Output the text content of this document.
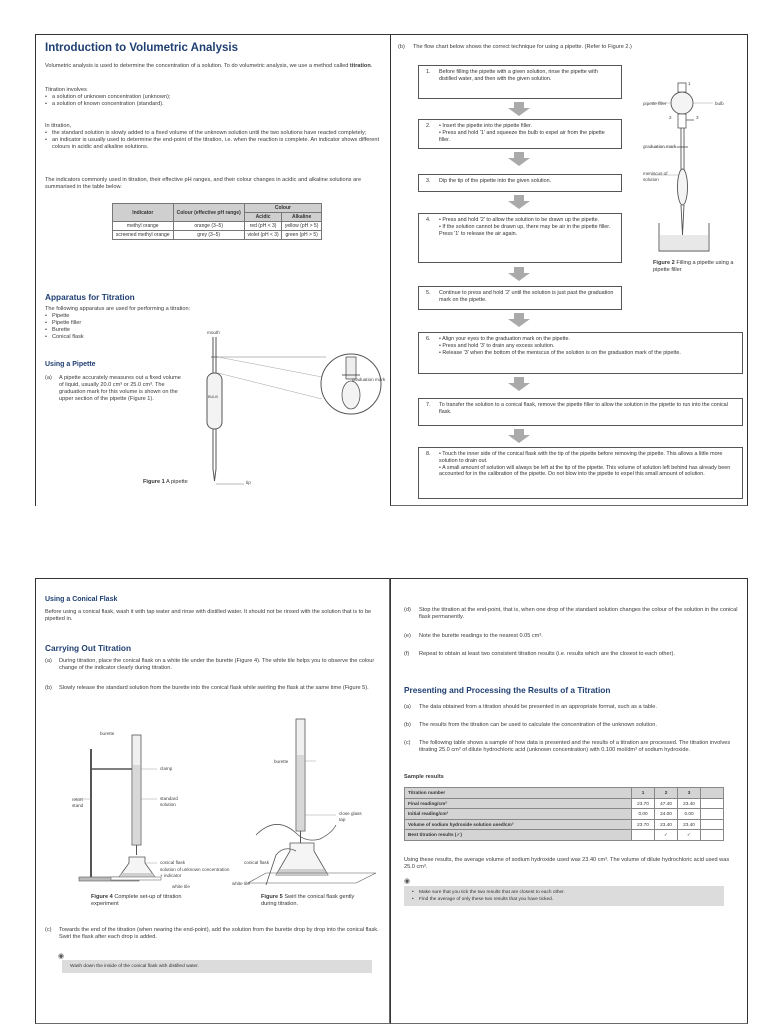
Introduction to Volumetric Analysis
Volumetric analysis is used to determine the concentration of a solution. To do volumetric analysis, we use a method called titration.
Titration involves
• a solution of unknown concentration (unknown);
• a solution of known concentration (standard).
In titration,
• the standard solution is slowly added to a fixed volume of the unknown solution until the two solutions have reacted completely;
• an indicator is usually used to determine the end-point of the titration, i.e. when the reaction is complete. An indicator shows different colours in acidic and alkaline solutions.
The indicators commonly used in titration, their effective pH ranges, and their colour changes in acidic and alkaline solutions are summarised in the table below.
Indicator	Colour (effective pH range)	Colour	
		Acidic	Alkaline
methyl orange	orange (3–5)	red (pH < 3)	yellow (pH > 5)
screened methyl orange	grey (3–5)	violet (pH < 3)	green (pH > 5)
Apparatus for Titration
The following apparatus are used for performing a titration:
• Pipette
• Pipette filler
• Burette
• Conical flask
Using a Pipette
(a)	A pipette accurately measures out a fixed volume of liquid, usually 20.0 cm³ or 25.0 cm³. The graduation mark for this volume is shown on the upper section of the pipette (Figure 1).
mouth
graduation mark
BULB
tip
Figure 1 A pipette
(b)	The flow chart below shows the correct technique for using a pipette. (Refer to Figure 2.)
1. Before filling the pipette with a given solution, rinse the pipette with distilled water, and then with the given solution.
2. • Insert the pipette into the pipette filler.
• Press and hold '1' and squeeze the bulb to expel air from the pipette filler.
3. Dip the tip of the pipette into the given solution.
4. • Press and hold '2' to allow the solution to be drawn up the pipette.
• If the solution cannot be drawn up, there may be air in the pipette filler. Press '1' to release the air again.
5. Continue to press and hold '2' until the solution is just past the graduation mark on the pipette.
6. • Align your eyes to the graduation mark on the pipette.
• Press and hold '3' to drain any excess solution.
• Release '3' when the bottom of the meniscus of the solution is on the graduation mark of the pipette.
7. To transfer the solution to a conical flask, remove the pipette filler to allow the solution in the pipette to run into the conical flask.
8. • Touch the inner side of the conical flask with the tip of the pipette before removing the pipette. This allows a little more solution to drain out.
• A small amount of solution will always be left at the tip of the pipette. This volume of solution left behind has already been accounted for in the calibration of the pipette. Do not blow into the pipette to expel this small amount of solution.
pipette filler	bulb
graduation mark
meniscus of solution
1
2	3
Figure 2 Filling a pipette using a pipette filler
Using a Conical Flask
Before using a conical flask, wash it with tap water and rinse with distilled water. It should not be rinsed with the solution that is to be pipetted in.
Carrying Out Titration
(a)	During titration, place the conical flask on a white tile under the burette (Figure 4). The white tile helps you to observe the colour change of the indicator clearly during titration.
(b)	Slowly release the standard solution from the burette into the conical flask while swirling the flask at the same time (Figure 5).
burette
clamp
retort stand
standard solution
conical flask
solution of unknown concentration + indicator
white tile
Figure 4 Complete set-up of titration experiment
burette
close glass tap
conical flask
white tile
Figure 5 Swirl the conical flask gently during titration.
(c)	Towards the end of the titration (when nearing the end-point), add the solution from the burette drop by drop into the conical flask. Swirl the flask after each drop is added.
◉
Wash down the inside of the conical flask with distilled water.
(d)	Stop the titration at the end-point, that is, when one drop of the standard solution changes the colour of the solution in the conical flask permanently.
(e)	Note the burette readings to the nearest 0.05 cm³.
(f)	Repeat to obtain at least two consistent titration results (i.e. results which are the closest to each other).
Presenting and Processing the Results of a Titration
(a)	The data obtained from a titration should be presented in an appropriate format, such as a table.
(b)	The results from the titration can be used to calculate the concentration of the unknown solution.
(c)	The following table shows a sample of how data is presented and the results of a titration are processed. The titration involves titrating 25.0 cm³ of dilute hydrochloric acid (unknown concentration) with 0.100 mol/dm³ of sodium hydroxide.
Sample results
Titration number	1	2	3	
Final reading/cm³	23.70	47.40	23.40	
Initial reading/cm³	0.00	24.00	0.00	
Volume of sodium hydroxide solution used/cm³	23.70	23.40	23.40	
Best titration results (✓)		✓	✓	
Using these results, the average volume of sodium hydroxide used was 23.40 cm³. The volume of dilute hydrochloric acid used was 25.0 cm³.
◉
• Make sure that you tick the two results that are closest to each other.
• Find the average of only these two results that you have ticked.
